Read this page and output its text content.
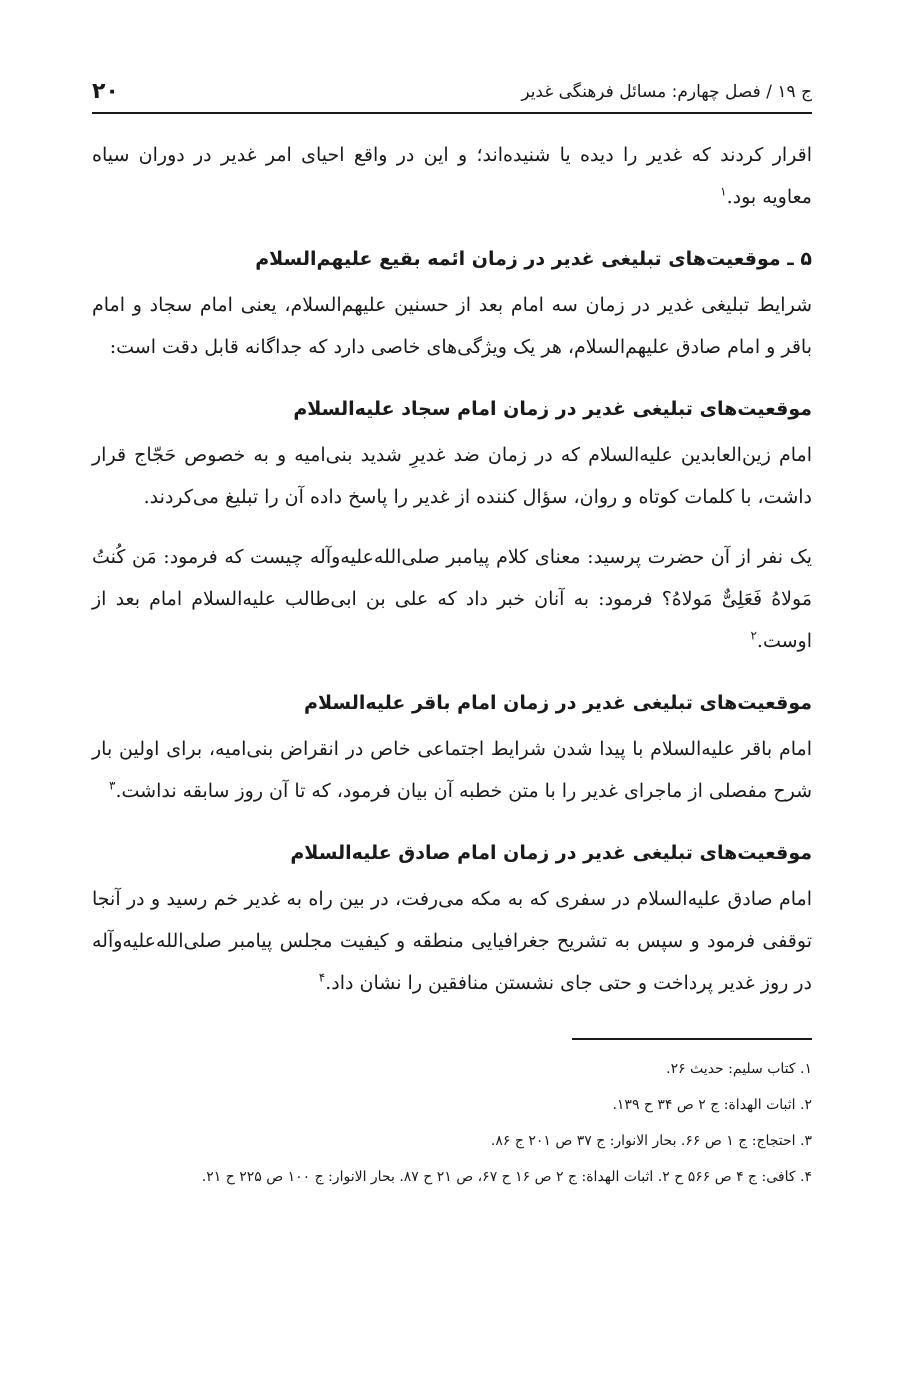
ج ۱۹ / فصل چهارم: مسائل فرهنگی غدیر
۲۰

اقرار کردند که غدیر را دیده یا شنیده‌اند؛ و این در واقع احیای امر غدیر در دوران سیاه معاویه بود.$^۱$

۵ ـ موقعیت‌های تبلیغی غدیر در زمان ائمه بقیع علیهم‌السلام

شرایط تبلیغی غدیر در زمان سه امام بعد از حسنین علیهم‌السلام، یعنی امام سجاد و امام باقر و امام صادق علیهم‌السلام، هر یک ویژگی‌های خاصی دارد که جداگانه قابل دقت است:

موقعیت‌های تبلیغی غدیر در زمان امام سجاد علیه‌السلام

امام زین‌العابدین علیه‌السلام که در زمان ضد غدیرِ شدید بنی‌امیه و به خصوص حَجّاج قرار داشت، با کلمات کوتاه و روان، سؤال کننده از غدیر را پاسخ داده آن را تبلیغ می‌کردند.

یک نفر از آن حضرت پرسید: معنای کلام پیامبر صلی‌الله‌علیه‌وآله چیست که فرمود: مَن کُنتُ مَولاهُ فَعَلِیٌّ مَولاهُ؟ فرمود: به آنان خبر داد که علی بن ابی‌طالب علیه‌السلام امام بعد از اوست.$^۲$

موقعیت‌های تبلیغی غدیر در زمان امام باقر علیه‌السلام

امام باقر علیه‌السلام با پیدا شدن شرایط اجتماعی خاص در انقراض بنی‌امیه، برای اولین بار شرح مفصلی از ماجرای غدیر را با متن خطبه آن بیان فرمود، که تا آن روز سابقه نداشت.$^۳$

موقعیت‌های تبلیغی غدیر در زمان امام صادق علیه‌السلام

امام صادق علیه‌السلام در سفری که به مکه می‌رفت، در بین راه به غدیر خم رسید و در آنجا توقفی فرمود و سپس به تشریح جغرافیایی منطقه و کیفیت مجلس پیامبر صلی‌الله‌علیه‌وآله در روز غدیر پرداخت و حتی جای نشستن منافقین را نشان داد.$^۴$

۱. کتاب سلیم: حدیث ۲۶.

۲. اثبات الهداة: ج ۲ ص ۳۴ ح ۱۳۹.

۳. احتجاج: ج ۱ ص ۶۶. بحار الانوار: ج ۳۷ ص ۲۰۱ ج ۸۶.

۴. کافی: ج ۴ ص ۵۶۶ ح ۲. اثبات الهداة: ج ۲ ص ۱۶ ح ۶۷، ص ۲۱ ح ۸۷. بحار الانوار: ج ۱۰۰ ص ۲۲۵ ح ۲۱.
